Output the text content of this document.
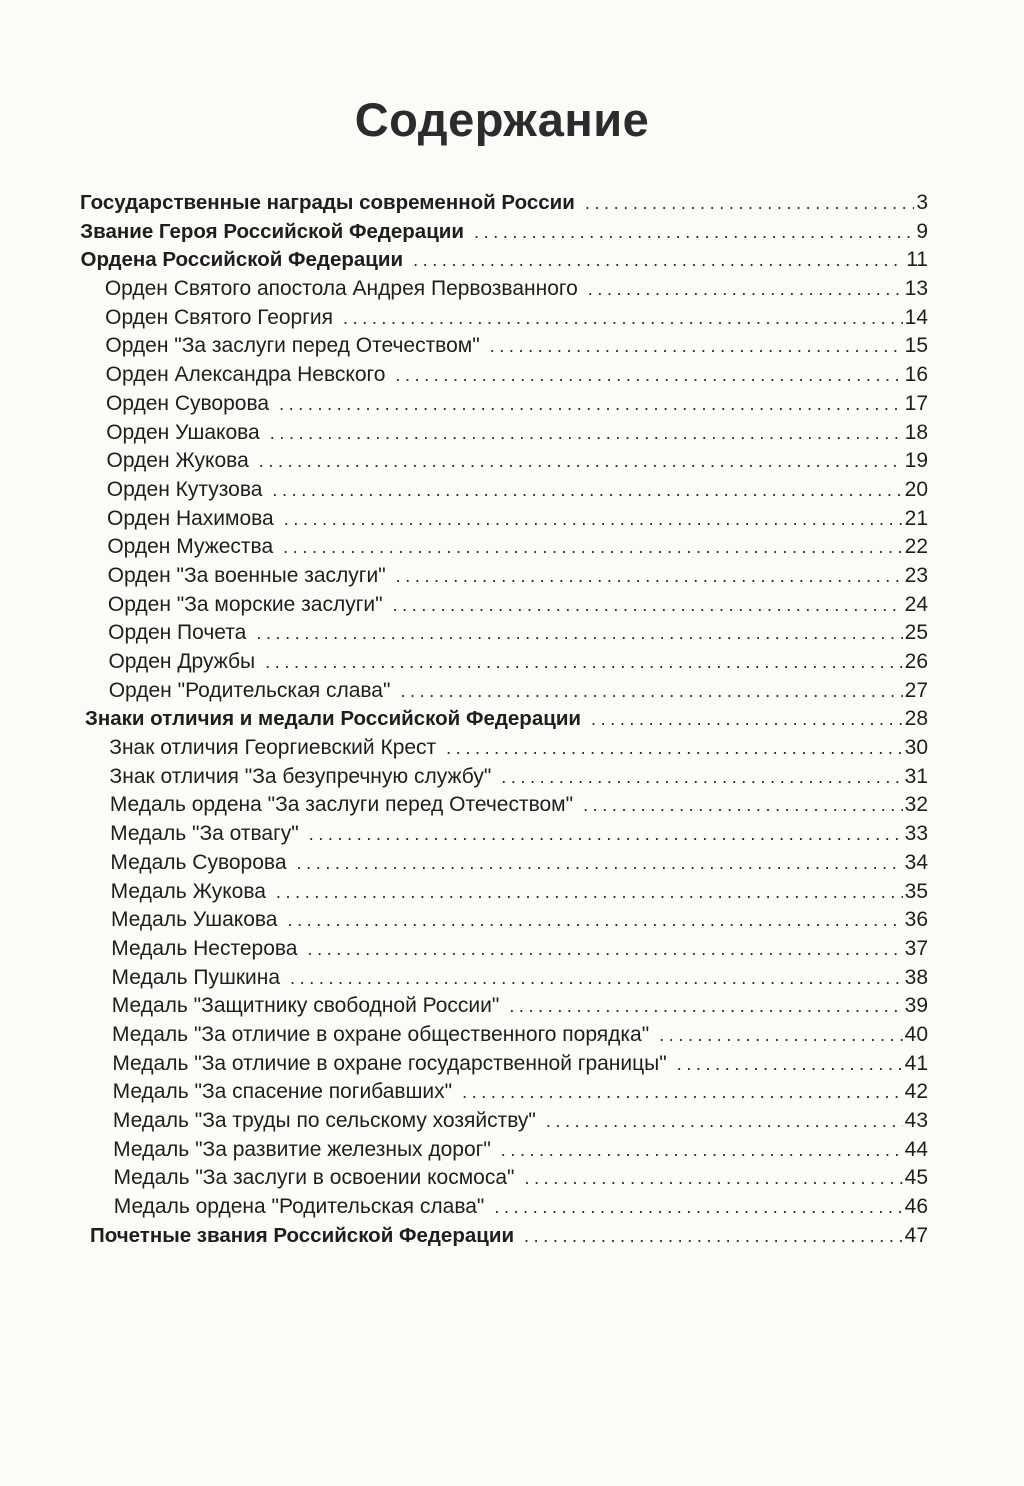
Содержание
Государственные награды современной России .....	3
Звание Героя Российской Федерации .....	9
Ордена Российской Федерации .....	11
Орден Святого апостола Андрея Первозванного .....	13
Орден Святого Георгия .....	14
Орден "За заслуги перед Отечеством" .....	15
Орден Александра Невского .....	16
Орден Суворова .....	17
Орден Ушакова .....	18
Орден Жукова .....	19
Орден Кутузова .....	20
Орден Нахимова .....	21
Орден Мужества .....	22
Орден "За военные заслуги" .....	23
Орден "За морские заслуги" .....	24
Орден Почета .....	25
Орден Дружбы .....	26
Орден "Родительская слава" .....	27
Знаки отличия и медали Российской Федерации .....	28
Знак отличия Георгиевский Крест .....	30
Знак отличия "За безупречную службу" .....	31
Медаль ордена "За заслуги перед Отечеством" .....	32
Медаль "За отвагу" .....	33
Медаль Суворова .....	34
Медаль Жукова .....	35
Медаль Ушакова .....	36
Медаль Нестерова .....	37
Медаль Пушкина .....	38
Медаль "Защитнику свободной России" .....	39
Медаль "За отличие в охране общественного порядка" .....	40
Медаль "За отличие в охране государственной границы" .....	41
Медаль "За спасение погибавших" .....	42
Медаль "За труды по сельскому хозяйству" .....	43
Медаль "За развитие железных дорог" .....	44
Медаль "За заслуги в освоении космоса" .....	45
Медаль ордена "Родительская слава" .....	46
Почетные звания Российской Федерации .....	47
